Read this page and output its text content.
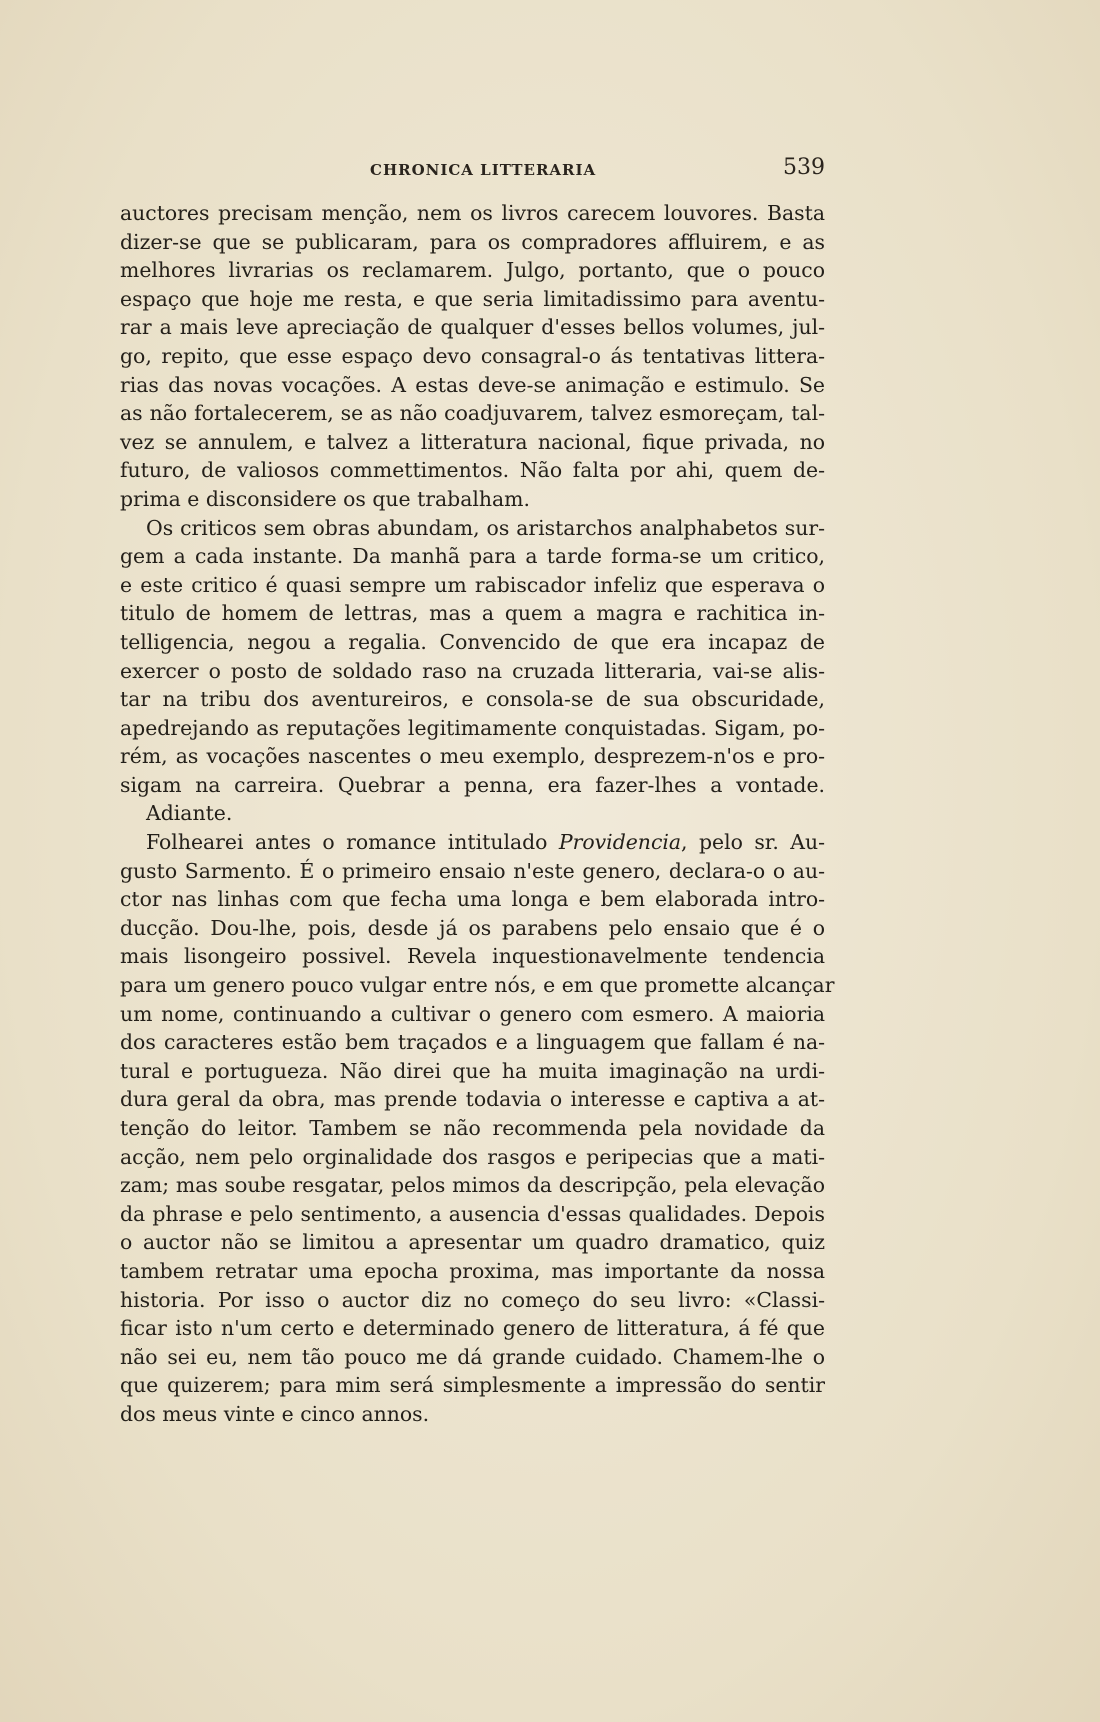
CHRONICA LITTERARIA	539
auctores precisam menção, nem os livros carecem louvores. Basta
dizer-se que se publicaram, para os compradores affluirem, e as
melhores livrarias os reclamarem. Julgo, portanto, que o pouco
espaço que hoje me resta, e que seria limitadissimo para aventu-
rar a mais leve apreciação de qualquer d'esses bellos volumes, jul-
go, repito, que esse espaço devo consagral-o ás tentativas littera-
rias das novas vocações. A estas deve-se animação e estimulo. Se
as não fortalecerem, se as não coadjuvarem, talvez esmoreçam, tal-
vez se annulem, e talvez a litteratura nacional, fique privada, no
futuro, de valiosos commettimentos. Não falta por ahi, quem de-
prima e disconsidere os que trabalham.
Os criticos sem obras abundam, os aristarchos analphabetos sur-
gem a cada instante. Da manhã para a tarde forma-se um critico,
e este critico é quasi sempre um rabiscador infeliz que esperava o
titulo de homem de lettras, mas a quem a magra e rachitica in-
telligencia, negou a regalia. Convencido de que era incapaz de
exercer o posto de soldado raso na cruzada litteraria, vai-se alis-
tar na tribu dos aventureiros, e consola-se de sua obscuridade,
apedrejando as reputações legitimamente conquistadas. Sigam, po-
rém, as vocações nascentes o meu exemplo, desprezem-n'os e pro-
sigam na carreira. Quebrar a penna, era fazer-lhes a vontade.
Adiante.
Folhearei antes o romance intitulado Providencia, pelo sr. Au-
gusto Sarmento. É o primeiro ensaio n'este genero, declara-o o au-
ctor nas linhas com que fecha uma longa e bem elaborada intro-
ducção. Dou-lhe, pois, desde já os parabens pelo ensaio que é o
mais lisongeiro possivel. Revela inquestionavelmente tendencia
para um genero pouco vulgar entre nós, e em que promette alcançar
um nome, continuando a cultivar o genero com esmero. A maioria
dos caracteres estão bem traçados e a linguagem que fallam é na-
tural e portugueza. Não direi que ha muita imaginação na urdi-
dura geral da obra, mas prende todavia o interesse e captiva a at-
tenção do leitor. Tambem se não recommenda pela novidade da
acção, nem pelo orginalidade dos rasgos e peripecias que a mati-
zam; mas soube resgatar, pelos mimos da descripção, pela elevação
da phrase e pelo sentimento, a ausencia d'essas qualidades. Depois
o auctor não se limitou a apresentar um quadro dramatico, quiz
tambem retratar uma epocha proxima, mas importante da nossa
historia. Por isso o auctor diz no começo do seu livro: «Classi-
ficar isto n'um certo e determinado genero de litteratura, á fé que
não sei eu, nem tão pouco me dá grande cuidado. Chamem-lhe o
que quizerem; para mim será simplesmente a impressão do sentir
dos meus vinte e cinco annos.
